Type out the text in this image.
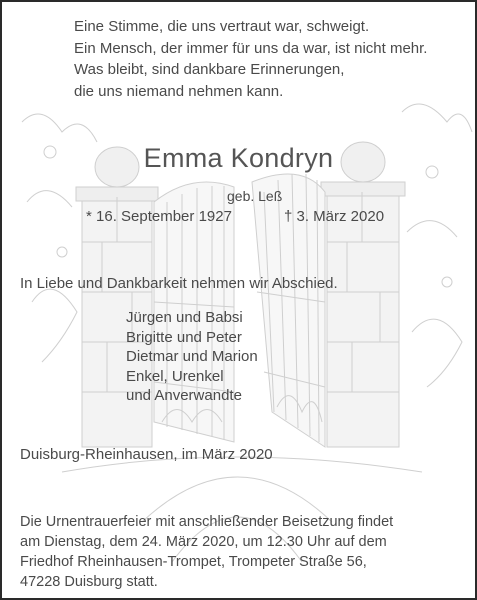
Eine Stimme, die uns vertraut war, schweigt.
Ein Mensch, der immer für uns da war, ist nicht mehr.
Was bleibt, sind dankbare Erinnerungen,
die uns niemand nehmen kann.
Emma Kondryn
geb. Leß
* 16. September 1927	† 3. März 2020
In Liebe und Dankbarkeit nehmen wir Abschied.
Jürgen und Babsi
Brigitte und Peter
Dietmar und Marion
Enkel, Urenkel
und Anverwandte
Duisburg-Rheinhausen, im März 2020
Die Urnentrauerfeier mit anschließender Beisetzung findet
am Dienstag, dem 24. März 2020, um 12.30 Uhr auf dem
Friedhof Rheinhausen-Trompet, Trompeter Straße 56,
47228 Duisburg statt.
